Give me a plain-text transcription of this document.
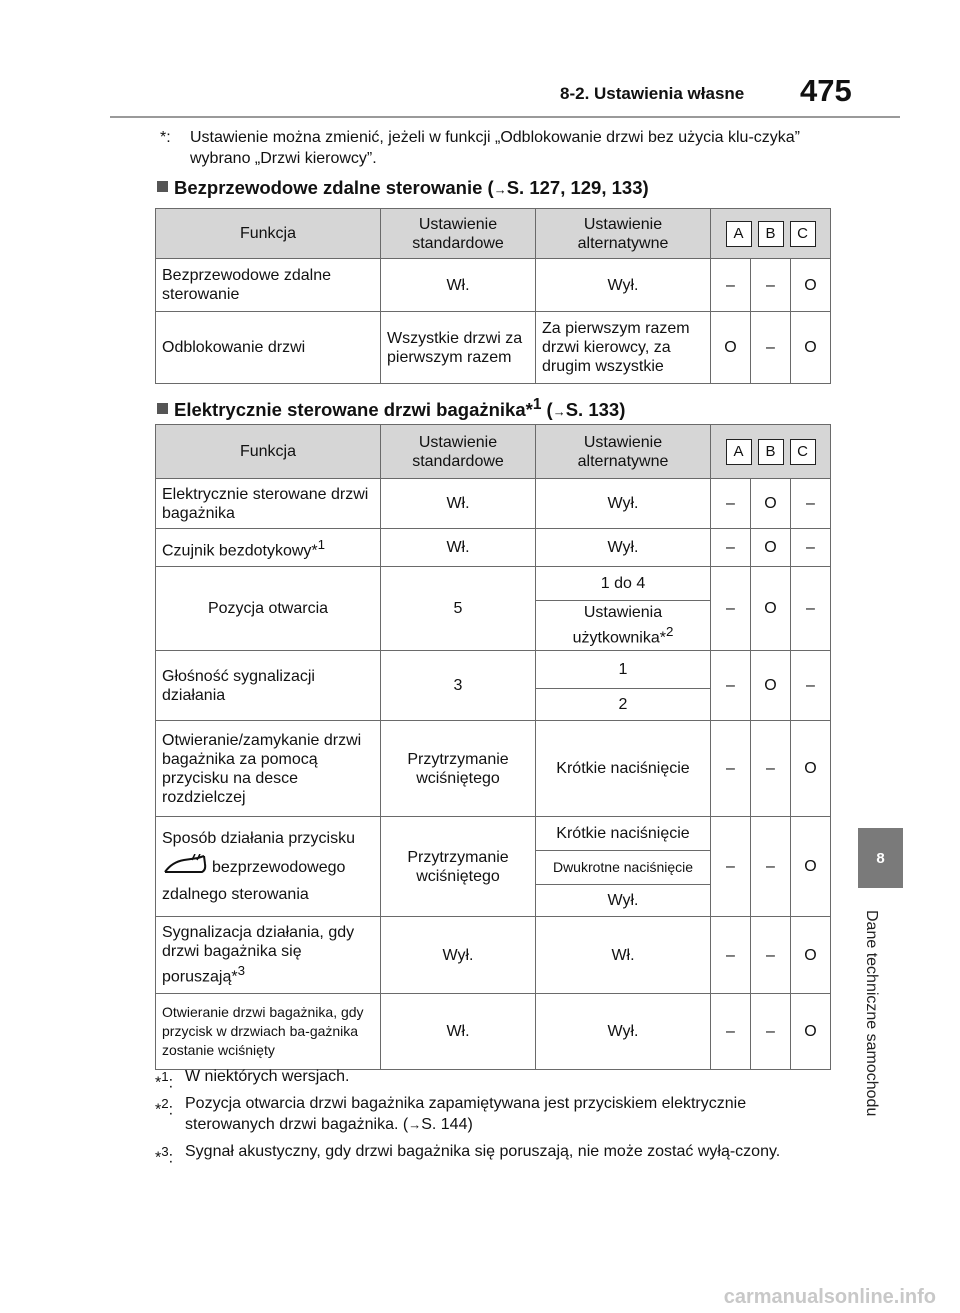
8-2. Ustawienia własne 475
8
Dane techniczne samochodu
*: Ustawienie można zmienić, jeżeli w funkcji „Odblokowanie drzwi bez użycia klu-czyka” wybrano „Drzwi kierowcy”.
Bezprzewodowe zdalne sterowanie (→S. 127, 129, 133)
Funkcja	Ustawienie standardowe	Ustawienie alternatywne	A B C		

Bezprzewodowe zdalne sterowanie	Wł.	Wył.	–	–	O
Odblokowanie drzwi	Wszystkie drzwi za pierwszym razem	Za pierwszym razem drzwi kierowcy, za drugim wszystkie	O	–	O
Elektrycznie sterowane drzwi bagażnika*$^1$ (→S. 133)
Funkcja	Ustawienie standardowe	Ustawienie alternatywne	A B C		

Elektrycznie sterowane drzwi bagażnika	Wł.	Wył.	–	O	–
Czujnik bezdotykowy*$^1$	Wł.	Wył.	–	O	–
Pozycja otwarcia	5	1 do 4	–	O	–
		Ustawienia użytkownika*$^2$
Głośność sygnalizacji działania	3	1	–	O	–
		2			
Otwieranie/zamykanie drzwi bagażnika za pomocą przycisku na desce rozdzielczej	Przytrzymanie wciśniętego	Krótkie naciśnięcie	–	–	O

Sposób działania przycisku
bezprzewodowego
zdalnego sterowania	Przytrzymanie wciśniętego	Krótkie naciśnięcie	–	–	O
		Dwukrotne naciśnięcie			
		Wył.			
Sygnalizacja działania, gdy drzwi bagażnika się poruszają*$^3$	Wył.	Wł.	–	–	O
Otwieranie drzwi bagażnika, gdy przycisk w drzwiach ba-gażnika zostanie wciśnięty	Wł.	Wył.	–	–	O
*$^1$: W niektórych wersjach.
*$^2$: Pozycja otwarcia drzwi bagażnika zapamiętywana jest przyciskiem elektrycznie sterowanych drzwi bagażnika. (→S. 144)
*$^3$: Sygnał akustyczny, gdy drzwi bagażnika się poruszają, nie może zostać wyłą-czony.
carmanualsonline.info
